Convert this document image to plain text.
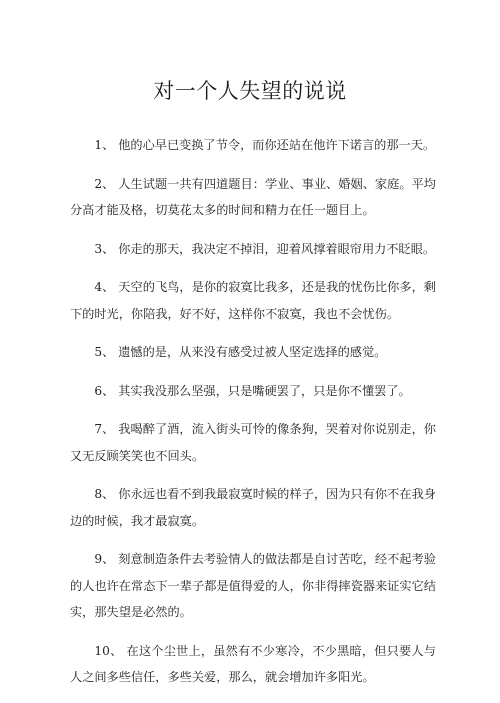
对一个人失望的说说

1、 他的心早已变换了节令，而你还站在他许下诺言的那一天。

2、 人生试题一共有四道题目：学业、事业、婚姻、家庭。平均分高才能及格，切莫花太多的时间和精力在任一题目上。

3、 你走的那天，我决定不掉泪，迎着风撑着眼帘用力不眨眼。

4、 天空的飞鸟，是你的寂寞比我多，还是我的忧伤比你多，剩下的时光，你陪我，好不好，这样你不寂寞，我也不会忧伤。

5、 遗憾的是，从来没有感受过被人坚定选择的感觉。

6、 其实我没那么坚强，只是嘴硬罢了，只是你不懂罢了。

7、 我喝醉了酒，流入街头可怜的像条狗，哭着对你说别走，你又无反顾笑笑也不回头。

8、 你永远也看不到我最寂寞时候的样子，因为只有你不在我身边的时候，我才最寂寞。

9、 刻意制造条件去考验情人的做法都是自讨苦吃，经不起考验的人也许在常态下一辈子都是值得爱的人，你非得摔瓷器来证实它结实，那失望是必然的。

10、 在这个尘世上，虽然有不少寒冷，不少黑暗，但只要人与人之间多些信任，多些关爱，那么，就会增加许多阳光。
